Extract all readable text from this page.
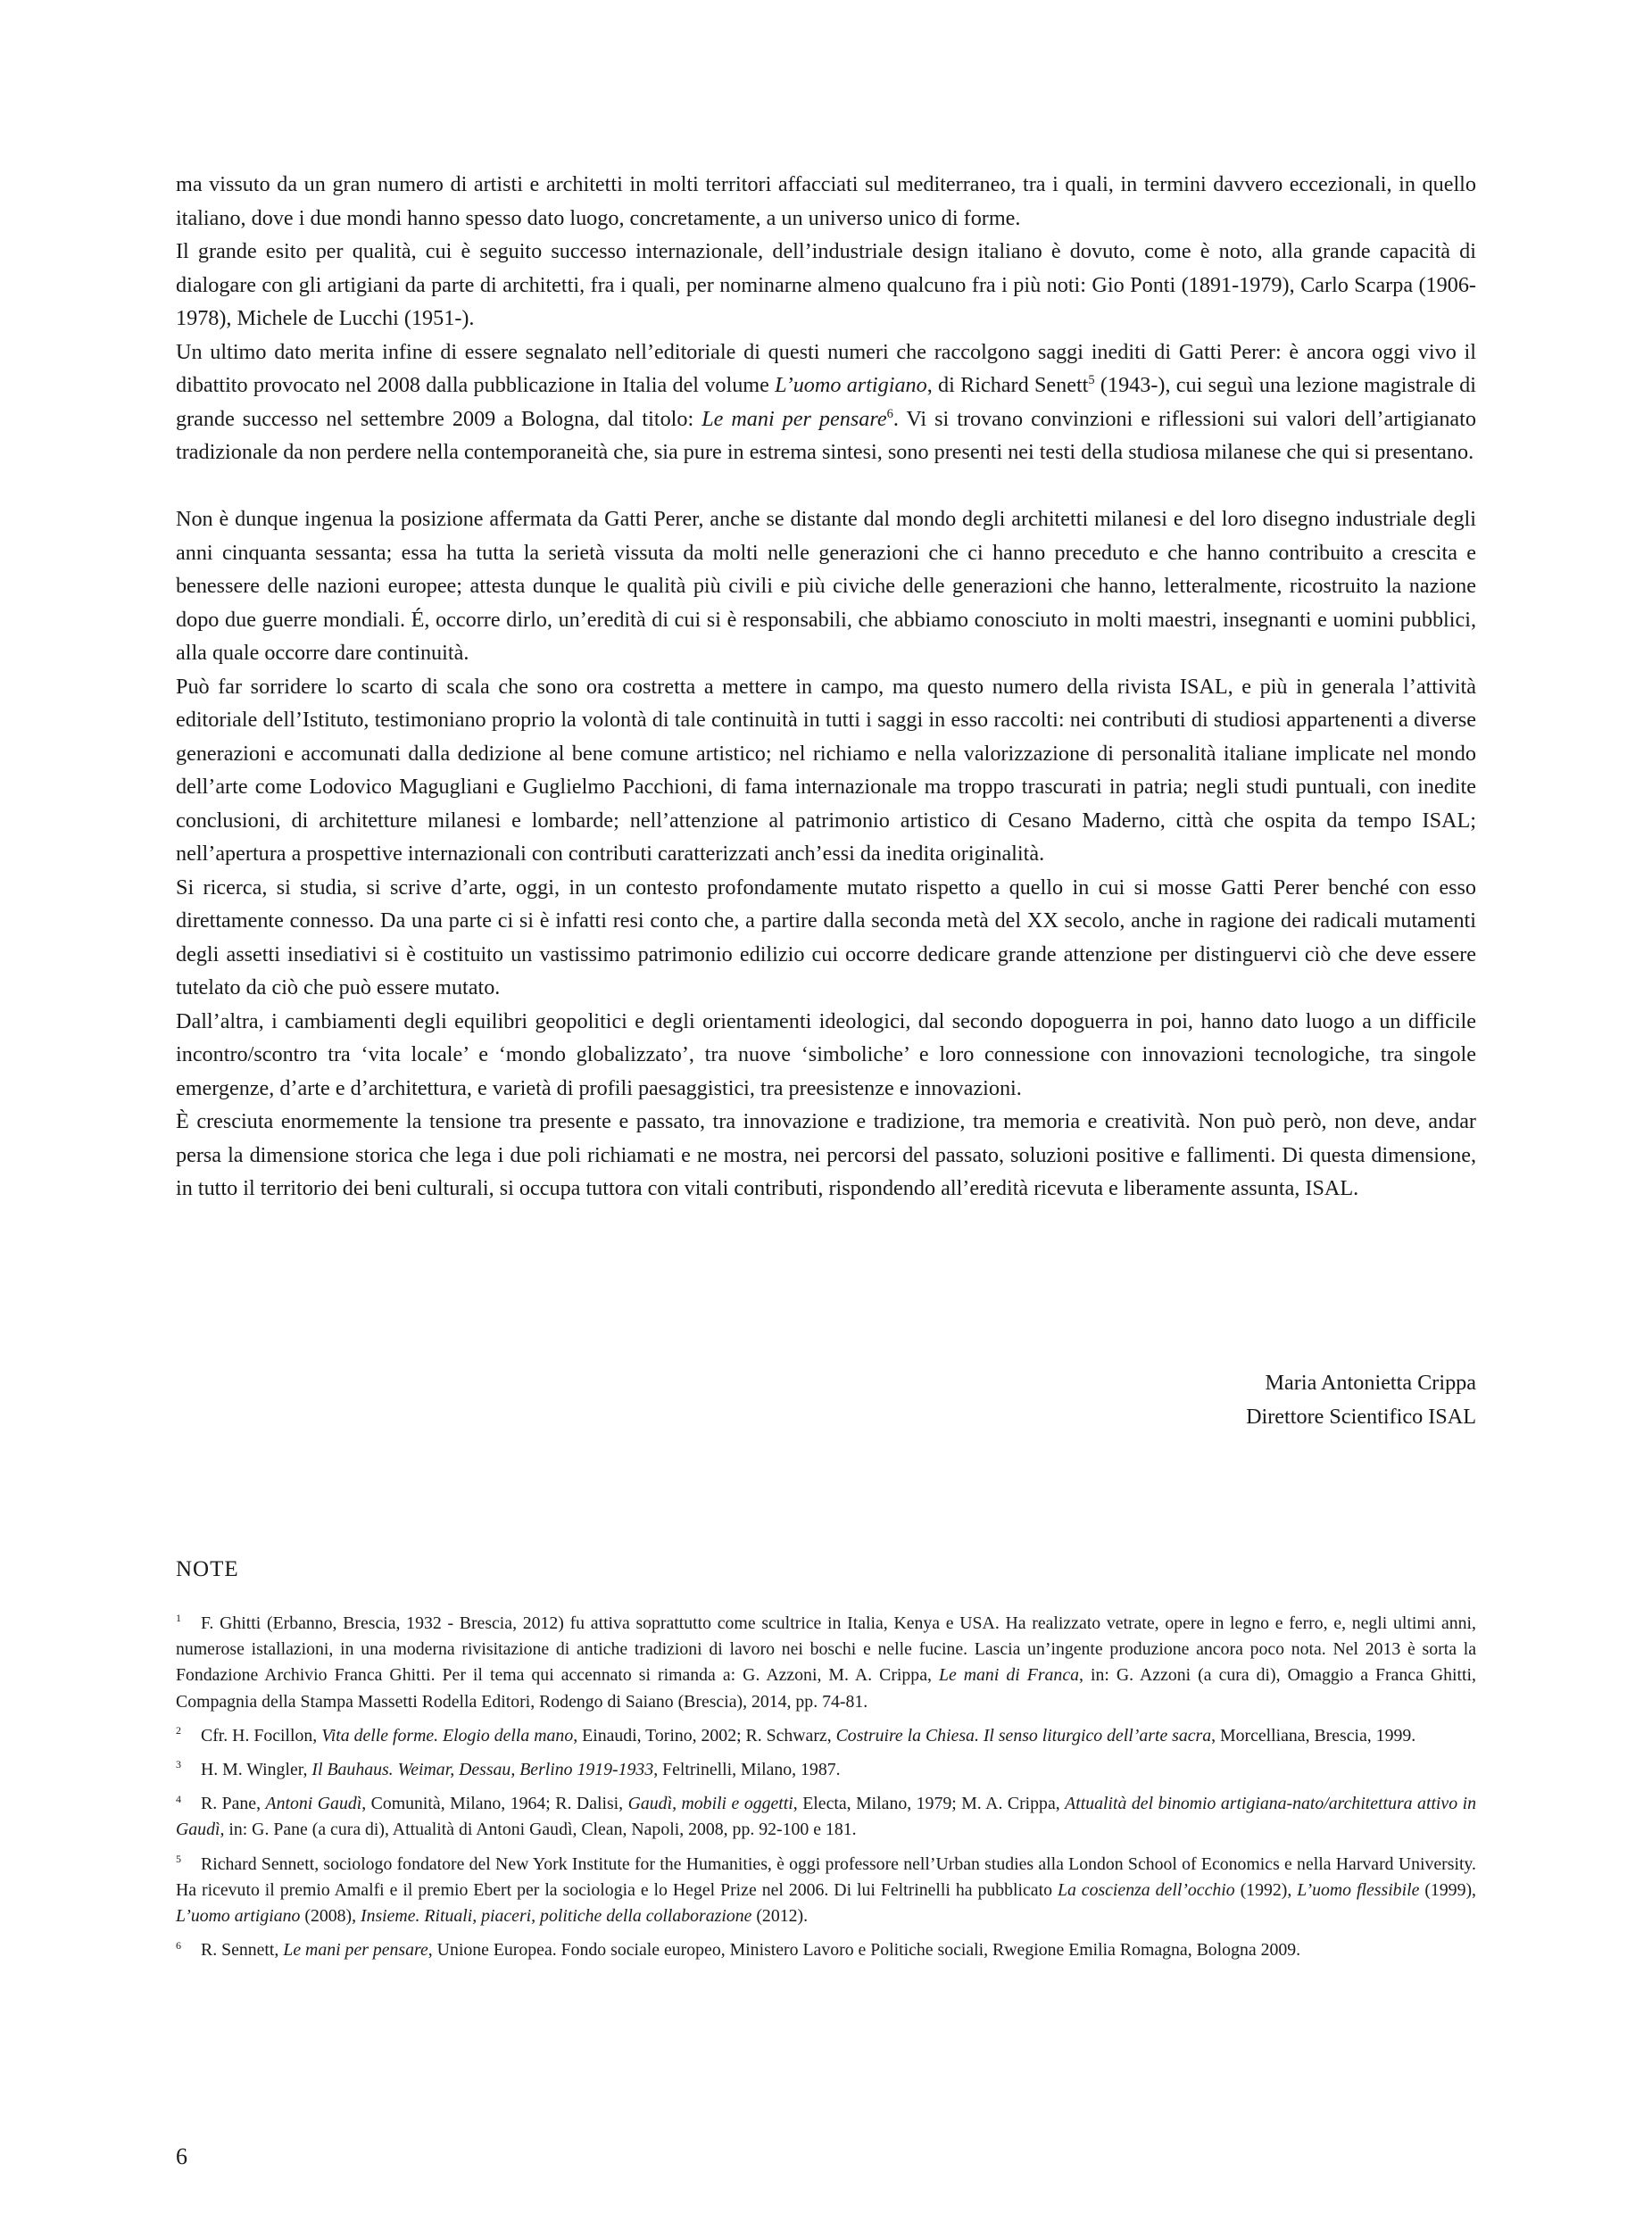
ma vissuto da un gran numero di artisti e architetti in molti territori affacciati sul mediterraneo, tra i quali, in termini davvero eccezionali, in quello italiano, dove i due mondi hanno spesso dato luogo, concretamente, a un universo unico di forme.

Il grande esito per qualità, cui è seguito successo internazionale, dell’industriale design italiano è dovuto, come è noto, alla grande capacità di dialogare con gli artigiani da parte di architetti, fra i quali, per nominarne almeno qualcuno fra i più noti: Gio Ponti (1891-1979), Carlo Scarpa (1906-1978), Michele de Lucchi (1951-).

Un ultimo dato merita infine di essere segnalato nell’editoriale di questi numeri che raccolgono saggi inediti di Gatti Perer: è ancora oggi vivo il dibattito provocato nel 2008 dalla pubblicazione in Italia del volume L’uomo artigiano, di Richard Senett$^5$ (1943-), cui seguì una lezione magistrale di grande successo nel settembre 2009 a Bologna, dal titolo: Le mani per pensare$^6$. Vi si trovano convinzioni e riflessioni sui valori dell’artigianato tradizionale da non perdere nella contemporaneità che, sia pure in estrema sintesi, sono presenti nei testi della studiosa milanese che qui si presentano.

Non è dunque ingenua la posizione affermata da Gatti Perer, anche se distante dal mondo degli architetti milanesi e del loro disegno industriale degli anni cinquanta sessanta; essa ha tutta la serietà vissuta da molti nelle generazioni che ci hanno preceduto e che hanno contribuito a crescita e benessere delle nazioni europee; attesta dunque le qualità più civili e più civiche delle generazioni che hanno, letteralmente, ricostruito la nazione dopo due guerre mondiali. É, occorre dirlo, un’eredità di cui si è responsabili, che abbiamo conosciuto in molti maestri, insegnanti e uomini pubblici, alla quale occorre dare continuità.

Può far sorridere lo scarto di scala che sono ora costretta a mettere in campo, ma questo numero della rivista ISAL, e più in generala l’attività editoriale dell’Istituto, testimoniano proprio la volontà di tale continuità in tutti i saggi in esso raccolti: nei contributi di studiosi appartenenti a diverse generazioni e accomunati dalla dedizione al bene comune artistico; nel richiamo e nella valorizzazione di personalità italiane implicate nel mondo dell’arte come Lodovico Magugliani e Guglielmo Pacchioni, di fama internazionale ma troppo trascurati in patria; negli studi puntuali, con inedite conclusioni, di architetture milanesi e lombarde; nell’attenzione al patrimonio artistico di Cesano Maderno, città che ospita da tempo ISAL; nell’apertura a prospettive internazionali con contributi caratterizzati anch’essi da inedita originalità.

Si ricerca, si studia, si scrive d’arte, oggi, in un contesto profondamente mutato rispetto a quello in cui si mosse Gatti Perer benché con esso direttamente connesso. Da una parte ci si è infatti resi conto che, a partire dalla seconda metà del XX secolo, anche in ragione dei radicali mutamenti degli assetti insediativi si è costituito un vastissimo patrimonio edilizio cui occorre dedicare grande attenzione per distinguervi ciò che deve essere tutelato da ciò che può essere mutato.

Dall’altra, i cambiamenti degli equilibri geopolitici e degli orientamenti ideologici, dal secondo dopoguerra in poi, hanno dato luogo a un difficile incontro/scontro tra ‘vita locale’ e ‘mondo globalizzato’, tra nuove ‘simboliche’ e loro connessione con innovazioni tecnologiche, tra singole emergenze, d’arte e d’architettura, e varietà di profili paesaggistici, tra preesistenze e innovazioni.

È cresciuta enormemente la tensione tra presente e passato, tra innovazione e tradizione, tra memoria e creatività. Non può però, non deve, andar persa la dimensione storica che lega i due poli richiamati e ne mostra, nei percorsi del passato, soluzioni positive e fallimenti. Di questa dimensione, in tutto il territorio dei beni culturali, si occupa tuttora con vitali contributi, rispondendo all’eredità ricevuta e liberamente assunta, ISAL.

Maria Antonietta Crippa
Direttore Scientifico ISAL
NOTE
1 F. Ghitti (Erbanno, Brescia, 1932 - Brescia, 2012) fu attiva soprattutto come scultrice in Italia, Kenya e USA. Ha realizzato vetrate, opere in legno e ferro, e, negli ultimi anni, numerose istallazioni, in una moderna rivisitazione di antiche tradizioni di lavoro nei boschi e nelle fucine. Lascia un’ingente produzione ancora poco nota. Nel 2013 è sorta la Fondazione Archivio Franca Ghitti. Per il tema qui accennato si rimanda a: G. Azzoni, M. A. Crippa, Le mani di Franca, in: G. Azzoni (a cura di), Omaggio a Franca Ghitti, Compagnia della Stampa Massetti Rodella Editori, Rodengo di Saiano (Brescia), 2014, pp. 74-81.
2 Cfr. H. Focillon, Vita delle forme. Elogio della mano, Einaudi, Torino, 2002; R. Schwarz, Costruire la Chiesa. Il senso liturgico dell’arte sacra, Morcelliana, Brescia, 1999.
3 H. M. Wingler, Il Bauhaus. Weimar, Dessau, Berlino 1919-1933, Feltrinelli, Milano, 1987.
4 R. Pane, Antoni Gaudì, Comunità, Milano, 1964; R. Dalisi, Gaudì, mobili e oggetti, Electa, Milano, 1979; M. A. Crippa, Attualità del binomio artigiana-nato/architettura attivo in Gaudì, in: G. Pane (a cura di), Attualità di Antoni Gaudì, Clean, Napoli, 2008, pp. 92-100 e 181.
5 Richard Sennett, sociologo fondatore del New York Institute for the Humanities, è oggi professore nell’Urban studies alla London School of Economics e nella Harvard University. Ha ricevuto il premio Amalfi e il premio Ebert per la sociologia e lo Hegel Prize nel 2006. Di lui Feltrinelli ha pubblicato La coscienza dell’occhio (1992), L’uomo flessibile (1999), L’uomo artigiano (2008), Insieme. Rituali, piaceri, politiche della collaborazione (2012).
6 R. Sennett, Le mani per pensare, Unione Europea. Fondo sociale europeo, Ministero Lavoro e Politiche sociali, Rwegione Emilia Romagna, Bologna 2009.
6
